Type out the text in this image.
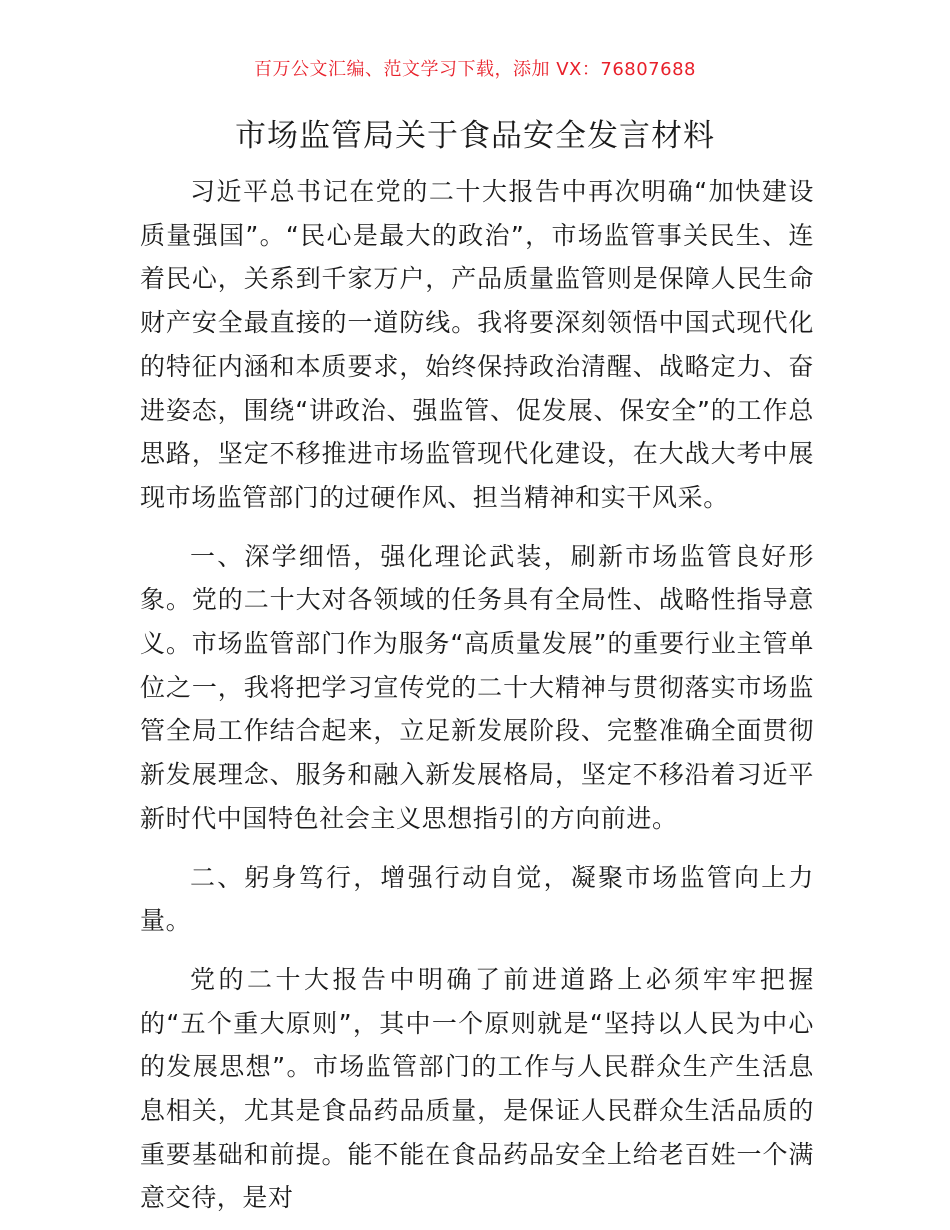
百万公文汇编、范文学习下载，添加 VX：76807688
市场监管局关于食品安全发言材料

习近平总书记在党的二十大报告中再次明确“加快建设质量强国”。“民心是最大的政治”，市场监管事关民生、连着民心，关系到千家万户，产品质量监管则是保障人民生命财产安全最直接的一道防线。我将要深刻领悟中国式现代化的特征内涵和本质要求，始终保持政治清醒、战略定力、奋进姿态，围绕“讲政治、强监管、促发展、保安全”的工作总思路，坚定不移推进市场监管现代化建设，在大战大考中展现市场监管部门的过硬作风、担当精神和实干风采。

一、深学细悟，强化理论武装，刷新市场监管良好形象。党的二十大对各领域的任务具有全局性、战略性指导意义。市场监管部门作为服务“高质量发展”的重要行业主管单位之一，我将把学习宣传党的二十大精神与贯彻落实市场监管全局工作结合起来，立足新发展阶段、完整准确全面贯彻新发展理念、服务和融入新发展格局，坚定不移沿着习近平新时代中国特色社会主义思想指引的方向前进。

二、躬身笃行，增强行动自觉，凝聚市场监管向上力量。

党的二十大报告中明确了前进道路上必须牢牢把握的“五个重大原则”，其中一个原则就是“坚持以人民为中心的发展思想”。市场监管部门的工作与人民群众生产生活息息相关，尤其是食品药品质量，是保证人民群众生活品质的重要基础和前提。能不能在食品药品安全上给老百姓一个满意交待，是对
